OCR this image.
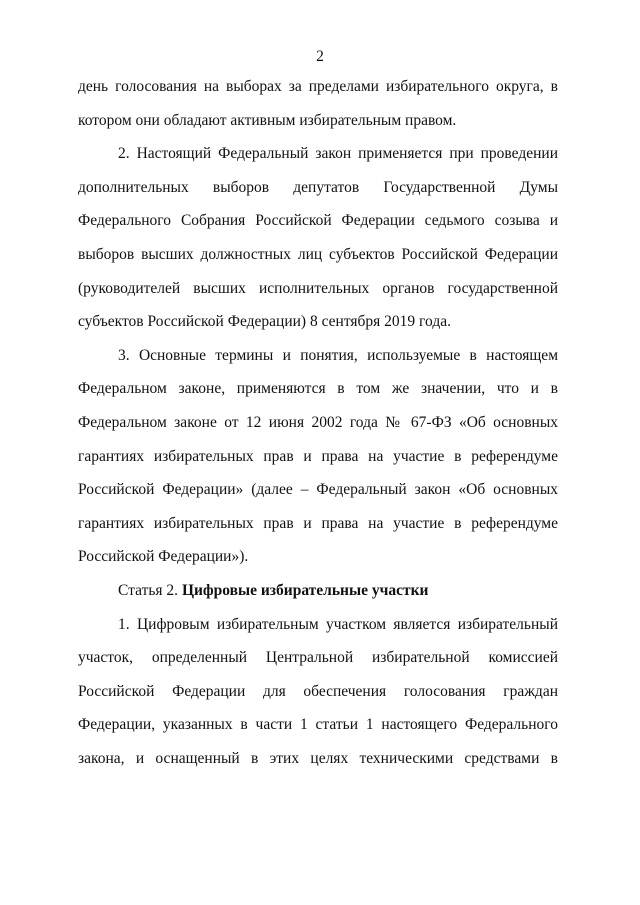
2
день голосования на выборах за пределами избирательного округа, в
котором они обладают активным избирательным правом.
2. Настоящий Федеральный закон применяется при проведении
дополнительных выборов депутатов Государственной Думы
Федерального Собрания Российской Федерации седьмого созыва и
выборов высших должностных лиц субъектов Российской Федерации
(руководителей высших исполнительных органов государственной
субъектов Российской Федерации) 8 сентября 2019 года.
3. Основные термины и понятия, используемые в настоящем
Федеральном законе, применяются в том же значении, что и в
Федеральном законе от 12 июня 2002 года № 67-ФЗ «Об основных
гарантиях избирательных прав и права на участие в референдуме
Российской Федерации» (далее – Федеральный закон «Об основных
гарантиях избирательных прав и права на участие в референдуме
Российской Федерации»).
Статья 2. Цифровые избирательные участки
1. Цифровым избирательным участком является избирательный
участок, определенный Центральной избирательной комиссией
Российской Федерации для обеспечения голосования граждан
Федерации, указанных в части 1 статьи 1 настоящего Федерального
закона, и оснащенный в этих целях техническими средствами в
